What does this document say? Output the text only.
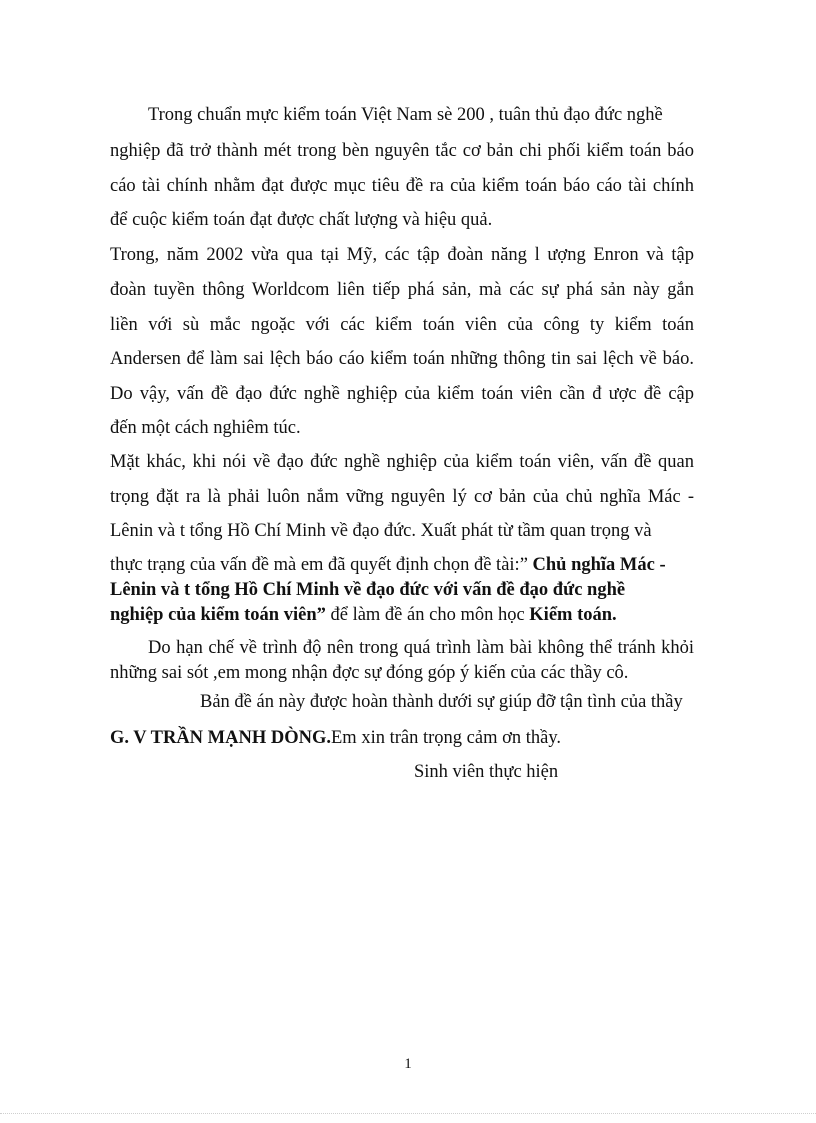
Trong chuẩn mực kiểm toán Việt Nam sè 200 , tuân thủ đạo đức nghề
nghiệp đã trở thành mét trong bèn nguyên tắc cơ bản chi phối kiểm toán báo
cáo tài chính nhằm đạt được mục tiêu đề ra của kiểm toán báo cáo tài chính
để cuộc kiểm toán đạt được chất lượng và hiệu quả.
Trong, năm 2002 vừa qua tại Mỹ, các tập đoàn năng l ượng Enron và tập
đoàn tuyền thông Worldcom liên tiếp phá sản, mà các sự phá sản này gắn
liền với sù mắc ngoặc với các kiểm toán viên của công ty kiểm toán
Andersen để làm sai lệch báo cáo kiểm toán những thông tin sai lệch về báo.
Do vậy, vấn đề đạo đức nghề nghiệp của kiểm toán viên cần đ ược đề cập
đến một cách nghiêm túc.
Mặt khác, khi nói về đạo đức nghề nghiệp của kiểm toán viên, vấn đề quan
trọng đặt ra là phải luôn nắm vững nguyên lý cơ bản của chủ nghĩa Mác -
Lênin và t tổng Hồ Chí Minh về đạo đức. Xuất phát từ tầm quan trọng và
thực trạng của vấn đề mà em đã quyết định chọn đề tài:” Chủ nghĩa Mác -
Lênin và t tổng Hồ Chí Minh về đạo đức với vấn đề đạo đức nghề
nghiệp của kiểm toán viên” để làm đề án cho môn học Kiểm toán.
Do hạn chế về trình độ nên trong quá trình làm bài không thể tránh khỏi
những sai sót ,em mong nhận đợc sự đóng góp ý kiến của các thầy cô.
Bản đề án này được hoàn thành dưới sự giúp đỡ tận tình của thầy
G. V TRẦN MẠNH DÒNG.Em xin trân trọng cảm ơn thầy.
Sinh viên thực hiện
1
